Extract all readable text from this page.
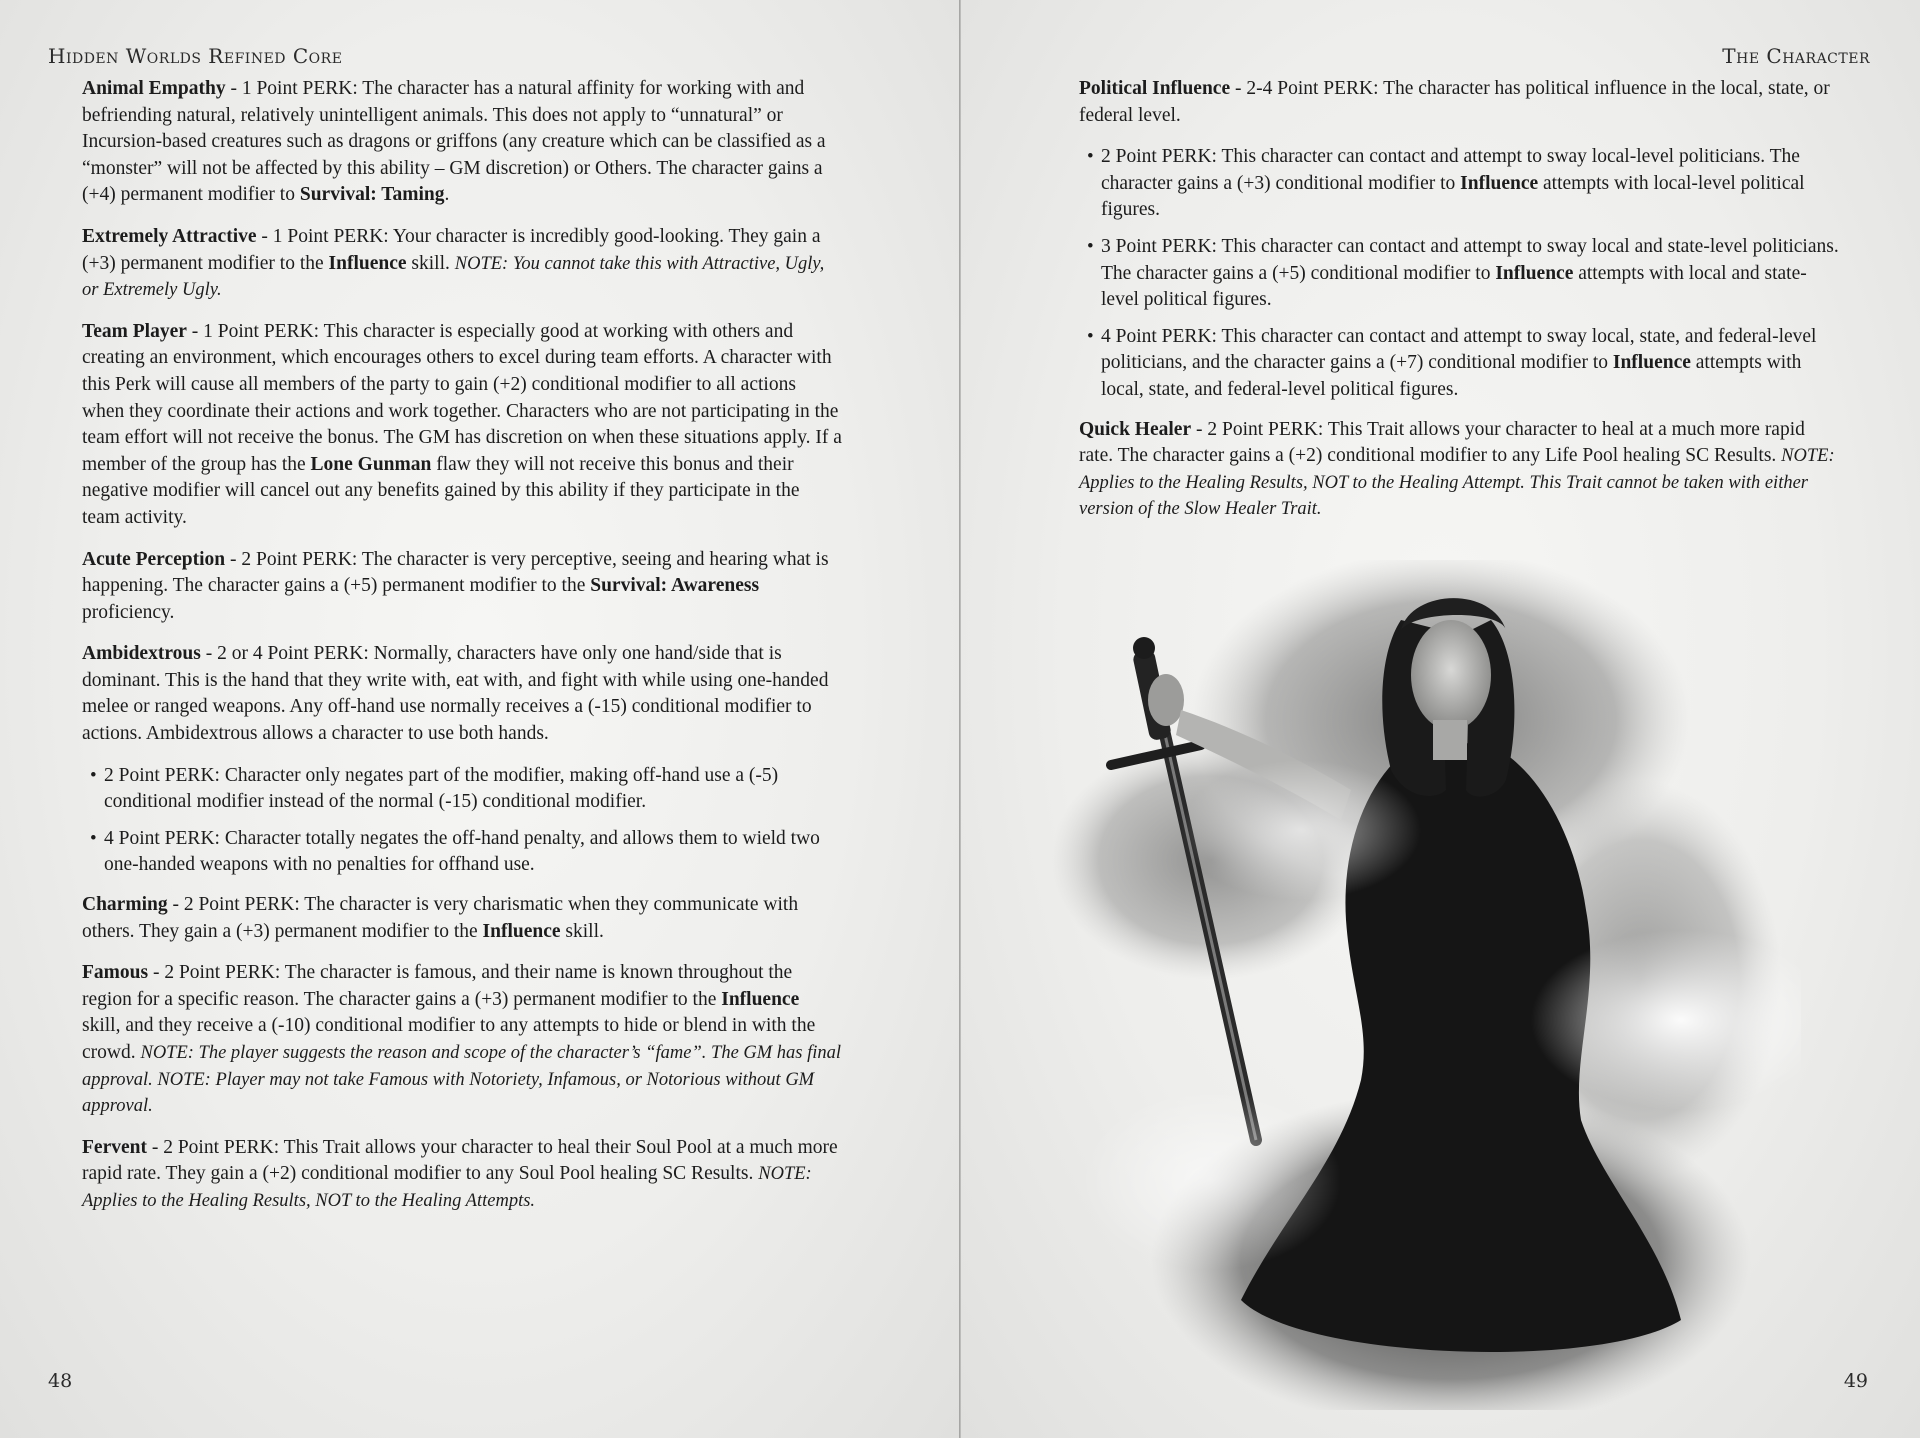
Hidden Worlds Refined Core

Animal Empathy - 1 Point PERK: The character has a natural affinity for working with and befriending natural, relatively unintelligent animals. This does not apply to “unnatural” or Incursion-based creatures such as dragons or griffons (any creature which can be classified as a “monster” will not be affected by this ability – GM discretion) or Others. The character gains a (+4) permanent modifier to Survival: Taming.

Extremely Attractive - 1 Point PERK: Your character is incredibly good-looking. They gain a (+3) permanent modifier to the Influence skill. NOTE: You cannot take this with Attractive, Ugly, or Extremely Ugly.

Team Player - 1 Point PERK: This character is especially good at working with others and creating an environment, which encourages others to excel during team efforts. A character with this Perk will cause all members of the party to gain (+2) conditional modifier to all actions when they coordinate their actions and work together. Characters who are not participating in the team effort will not receive the bonus. The GM has discretion on when these situations apply. If a member of the group has the Lone Gunman flaw they will not receive this bonus and their negative modifier will cancel out any benefits gained by this ability if they participate in the team activity.

Acute Perception - 2 Point PERK: The character is very perceptive, seeing and hearing what is happening. The character gains a (+5) permanent modifier to the Survival: Awareness proficiency.

Ambidextrous - 2 or 4 Point PERK: Normally, characters have only one hand/side that is dominant. This is the hand that they write with, eat with, and fight with while using one-handed melee or ranged weapons. Any off-hand use normally receives a (-15) conditional modifier to actions. Ambidextrous allows a character to use both hands.

• 2 Point PERK: Character only negates part of the modifier, making off-hand use a (-5) conditional modifier instead of the normal (-15) conditional modifier.
• 4 Point PERK: Character totally negates the off-hand penalty, and allows them to wield two one-handed weapons with no penalties for offhand use.

Charming - 2 Point PERK: The character is very charismatic when they communicate with others. They gain a (+3) permanent modifier to the Influence skill.

Famous - 2 Point PERK: The character is famous, and their name is known throughout the region for a specific reason. The character gains a (+3) permanent modifier to the Influence skill, and they receive a (-10) conditional modifier to any attempts to hide or blend in with the crowd. NOTE: The player suggests the reason and scope of the character’s “fame”. The GM has final approval. NOTE: Player may not take Famous with Notoriety, Infamous, or Notorious without GM approval.

Fervent - 2 Point PERK: This Trait allows your character to heal their Soul Pool at a much more rapid rate. They gain a (+2) conditional modifier to any Soul Pool healing SC Results. NOTE: Applies to the Healing Results, NOT to the Healing Attempts.

48
The Character

Political Influence - 2-4 Point PERK: The character has political influence in the local, state, or federal level.

• 2 Point PERK: This character can contact and attempt to sway local-level politicians. The character gains a (+3) conditional modifier to Influence attempts with local-level political figures.
• 3 Point PERK: This character can contact and attempt to sway local and state-level politicians. The character gains a (+5) conditional modifier to Influence attempts with local and state-level political figures.
• 4 Point PERK: This character can contact and attempt to sway local, state, and federal-level politicians, and the character gains a (+7) conditional modifier to Influence attempts with local, state, and federal-level political figures.

Quick Healer - 2 Point PERK: This Trait allows your character to heal at a much more rapid rate. The character gains a (+2) conditional modifier to any Life Pool healing SC Results. NOTE: Applies to the Healing Results, NOT to the Healing Attempt. This Trait cannot be taken with either version of the Slow Healer Trait.

49
